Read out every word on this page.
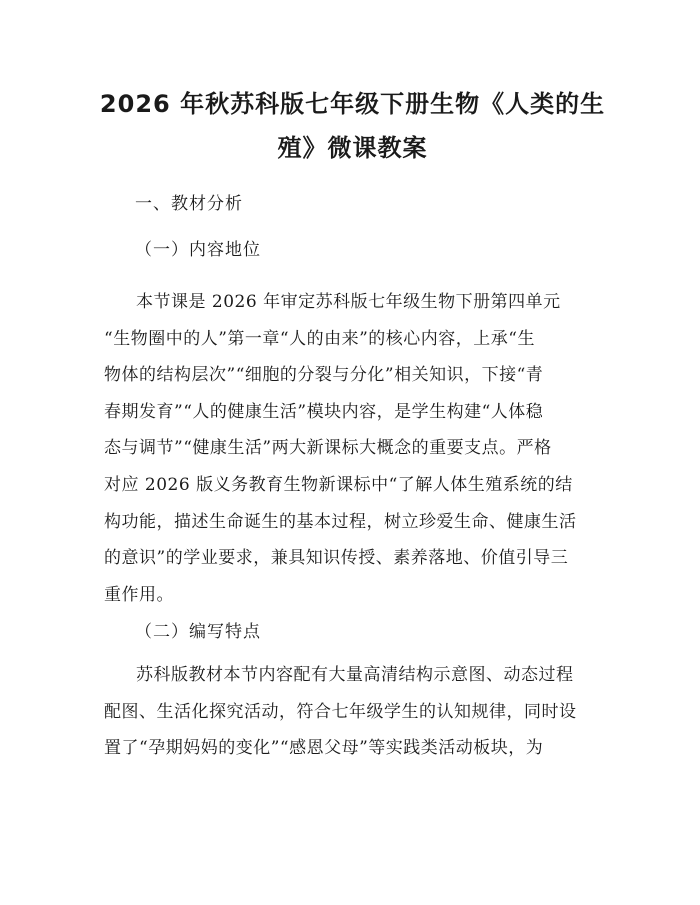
2026 年秋苏科版七年级下册生物《人类的生
殖》微课教案
一、教材分析
（一）内容地位

本节课是 2026 年审定苏科版七年级生物下册第四单元
“生物圈中的人”第一章“人的由来”的核心内容，上承“生
物体的结构层次”“细胞的分裂与分化”相关知识，下接“青
春期发育”“人的健康生活”模块内容，是学生构建“人体稳
态与调节”“健康生活”两大新课标大概念的重要支点。严格
对应 2026 版义务教育生物新课标中“了解人体生殖系统的结
构功能，描述生命诞生的基本过程，树立珍爱生命、健康生活
的意识”的学业要求，兼具知识传授、素养落地、价值引导三
重作用。

（二）编写特点

苏科版教材本节内容配有大量高清结构示意图、动态过程
配图、生活化探究活动，符合七年级学生的认知规律，同时设
置了“孕期妈妈的变化”“感恩父母”等实践类活动板块，为
